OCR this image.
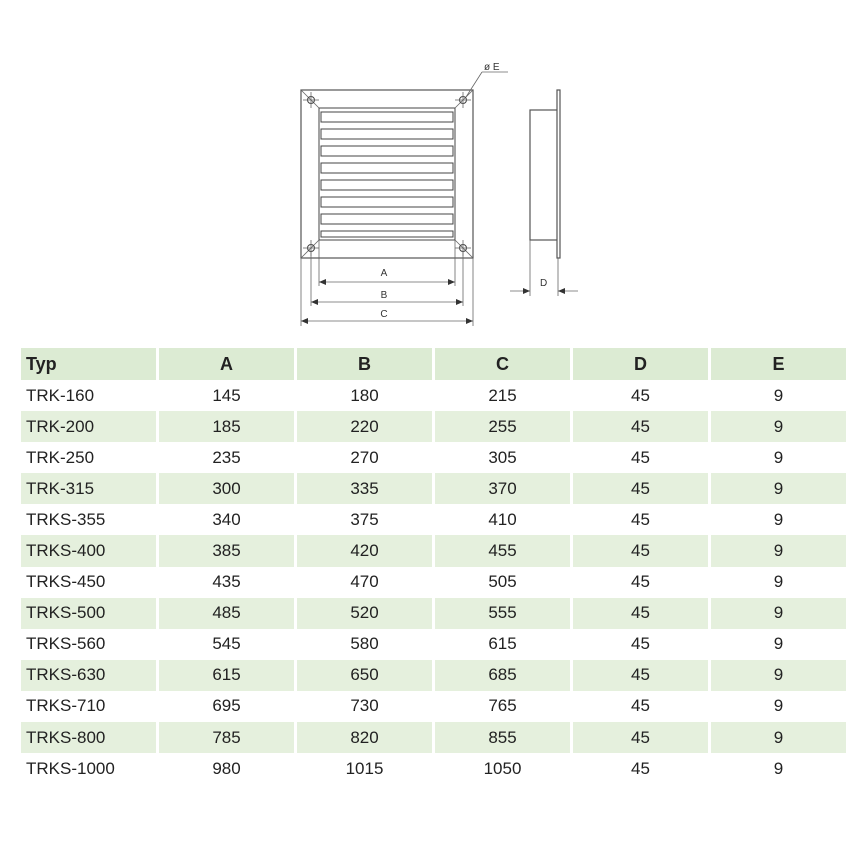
ø E
A
B
C
D
Typ	A	B	C	D	E
TRK-160	145	180	215	45	9
TRK-200	185	220	255	45	9
TRK-250	235	270	305	45	9
TRK-315	300	335	370	45	9
TRKS-355	340	375	410	45	9
TRKS-400	385	420	455	45	9
TRKS-450	435	470	505	45	9
TRKS-500	485	520	555	45	9
TRKS-560	545	580	615	45	9
TRKS-630	615	650	685	45	9
TRKS-710	695	730	765	45	9
TRKS-800	785	820	855	45	9
TRKS-1000	980	1015	1050	45	9
